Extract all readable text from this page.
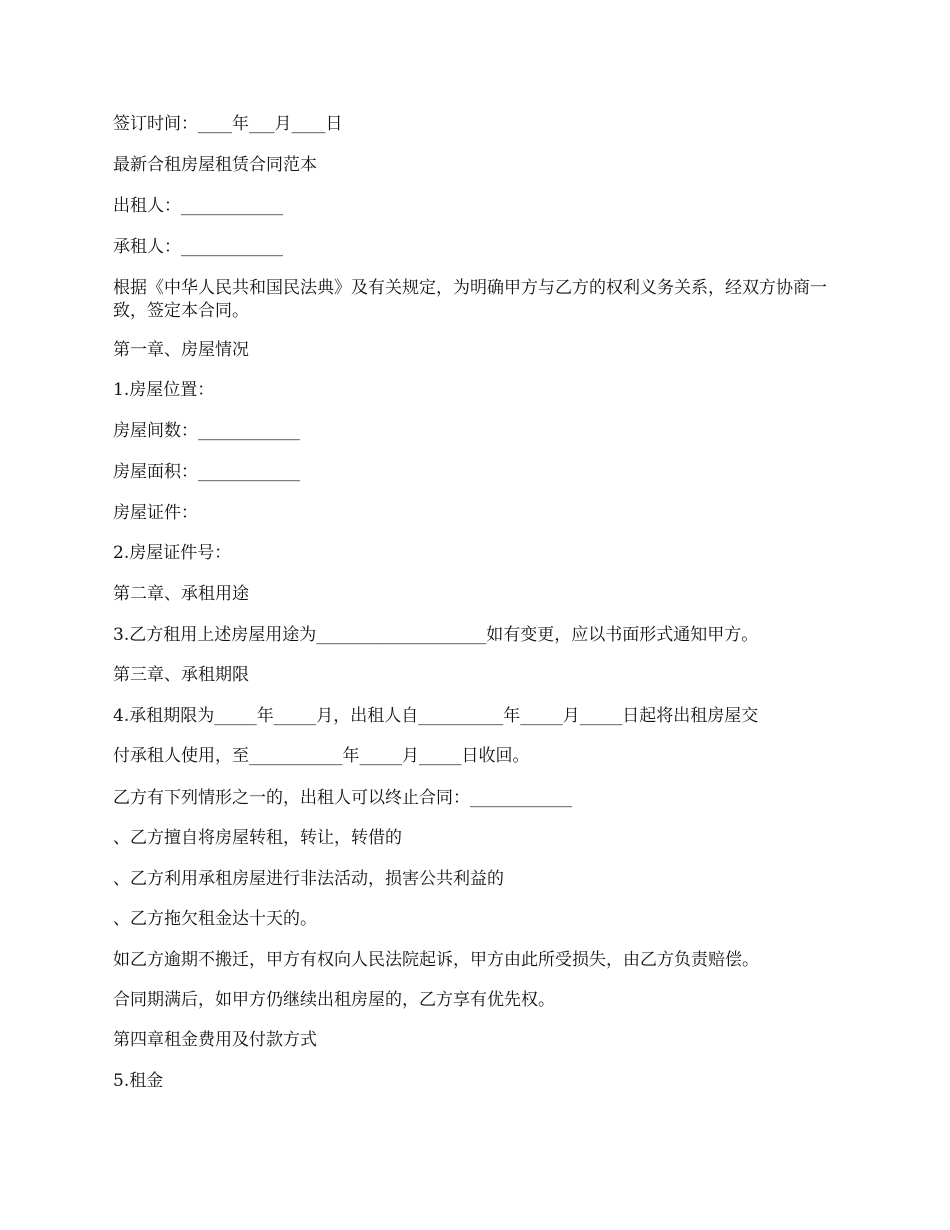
签订时间：____年___月____日
最新合租房屋租赁合同范本
出租人：____________
承租人：____________
根据《中华人民共和国民法典》及有关规定，为明确甲方与乙方的权利义务关系，经双方协商一致，签定本合同。
第一章、房屋情况
1.房屋位置：
房屋间数：____________
房屋面积：____________
房屋证件：
2.房屋证件号：
第二章、承租用途
3.乙方租用上述房屋用途为____________________如有变更，应以书面形式通知甲方。
第三章、承租期限
4.承租期限为_____年_____月，出租人自__________年_____月_____日起将出租房屋交
付承租人使用，至___________年_____月_____日收回。
乙方有下列情形之一的，出租人可以终止合同：____________
、乙方擅自将房屋转租，转让，转借的
、乙方利用承租房屋进行非法活动，损害公共利益的
、乙方拖欠租金达十天的。
如乙方逾期不搬迁，甲方有权向人民法院起诉，甲方由此所受损失，由乙方负责赔偿。
合同期满后，如甲方仍继续出租房屋的，乙方享有优先权。
第四章租金费用及付款方式
5.租金
